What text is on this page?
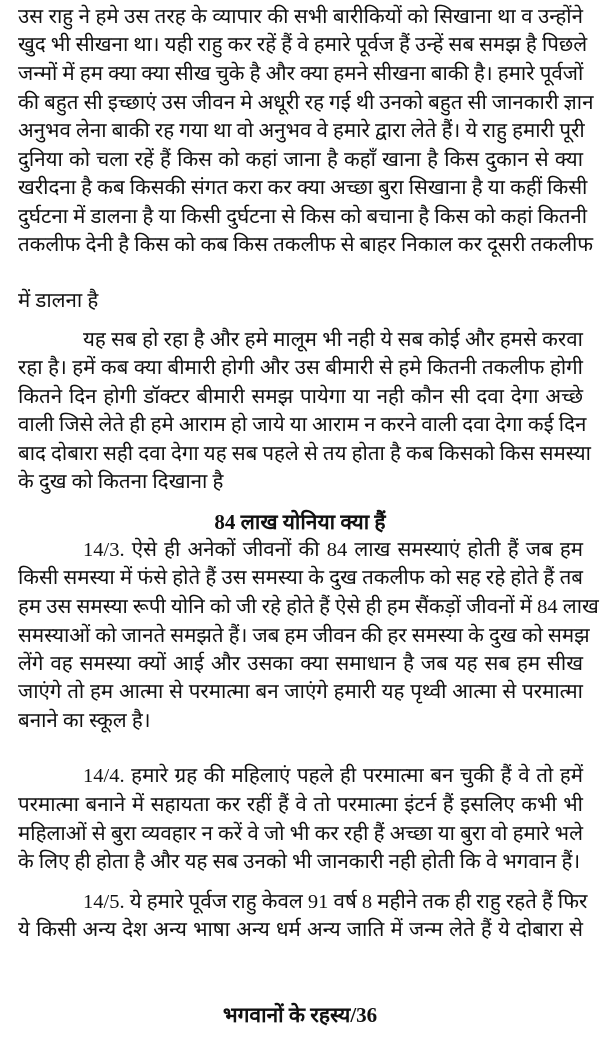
84 लाख योनिया क्या हैं
भगवानों के रहस्य/36
उस राहु ने हमे उस तरह के व्यापार की सभी बारीकियों को सिखाना था व उन्होंने
खुद भी सीखना था। यही राहु कर रहें हैं वे हमारे पूर्वज हैं उन्हें सब समझ है पिछले
जन्मों में हम क्या क्या सीख चुके है और क्या हमने सीखना बाकी है। हमारे पूर्वजों
की बहुत सी इच्छाएं उस जीवन मे अधूरी रह गई थी उनको बहुत सी जानकारी ज्ञान
अनुभव लेना बाकी रह गया था वो अनुभव वे हमारे द्वारा लेते हैं। ये राहु हमारी पूरी
दुनिया को चला रहें हैं किस को कहां जाना है कहाँ खाना है किस दुकान से क्या
खरीदना है कब किसकी संगत करा कर क्या अच्छा बुरा सिखाना है या कहीं किसी
दुर्घटना में डालना है या किसी दुर्घटना से किस को बचाना है किस को कहां कितनी
तकलीफ देनी है किस को कब किस तकलीफ से बाहर निकाल कर दूसरी तकलीफ
में डालना है
यह सब हो रहा है और हमे मालूम भी नही ये सब कोई और हमसे करवा
रहा है। हमें कब क्या बीमारी होगी और उस बीमारी से हमे कितनी तकलीफ होगी
कितने दिन होगी डॉक्टर बीमारी समझ पायेगा या नही कौन सी दवा देगा अच्छे
वाली जिसे लेते ही हमे आराम हो जाये या आराम न करने वाली दवा देगा कई दिन
बाद दोबारा सही दवा देगा यह सब पहले से तय होता है कब किसको किस समस्या
के दुख को कितना दिखाना है
14/3. ऐसे ही अनेकों जीवनों की 84 लाख समस्याएं होती हैं जब हम
किसी समस्या में फंसे होते हैं उस समस्या के दुख तकलीफ को सह रहे होते हैं तब
हम उस समस्या रूपी योनि को जी रहे होते हैं ऐसे ही हम सैंकड़ों जीवनों में 84 लाख
समस्याओं को जानते समझते हैं। जब हम जीवन की हर समस्या के दुख को समझ
लेंगे वह समस्या क्यों आई और उसका क्या समाधान है जब यह सब हम सीख
जाएंगे तो हम आत्मा से परमात्मा बन जाएंगे हमारी यह पृथ्वी आत्मा से परमात्मा
बनाने का स्कूल है।
14/4. हमारे ग्रह की महिलाएं पहले ही परमात्मा बन चुकी हैं वे तो हमें
परमात्मा बनाने में सहायता कर रहीं हैं वे तो परमात्मा इंटर्न हैं इसलिए कभी भी
महिलाओं से बुरा व्यवहार न करें वे जो भी कर रही हैं अच्छा या बुरा वो हमारे भले
के लिए ही होता है और यह सब उनको भी जानकारी नही होती कि वे भगवान हैं।
14/5. ये हमारे पूर्वज राहु केवल 91 वर्ष 8 महीने तक ही राहु रहते हैं फिर
ये किसी अन्य देश अन्य भाषा अन्य धर्म अन्य जाति में जन्म लेते हैं ये दोबारा से
